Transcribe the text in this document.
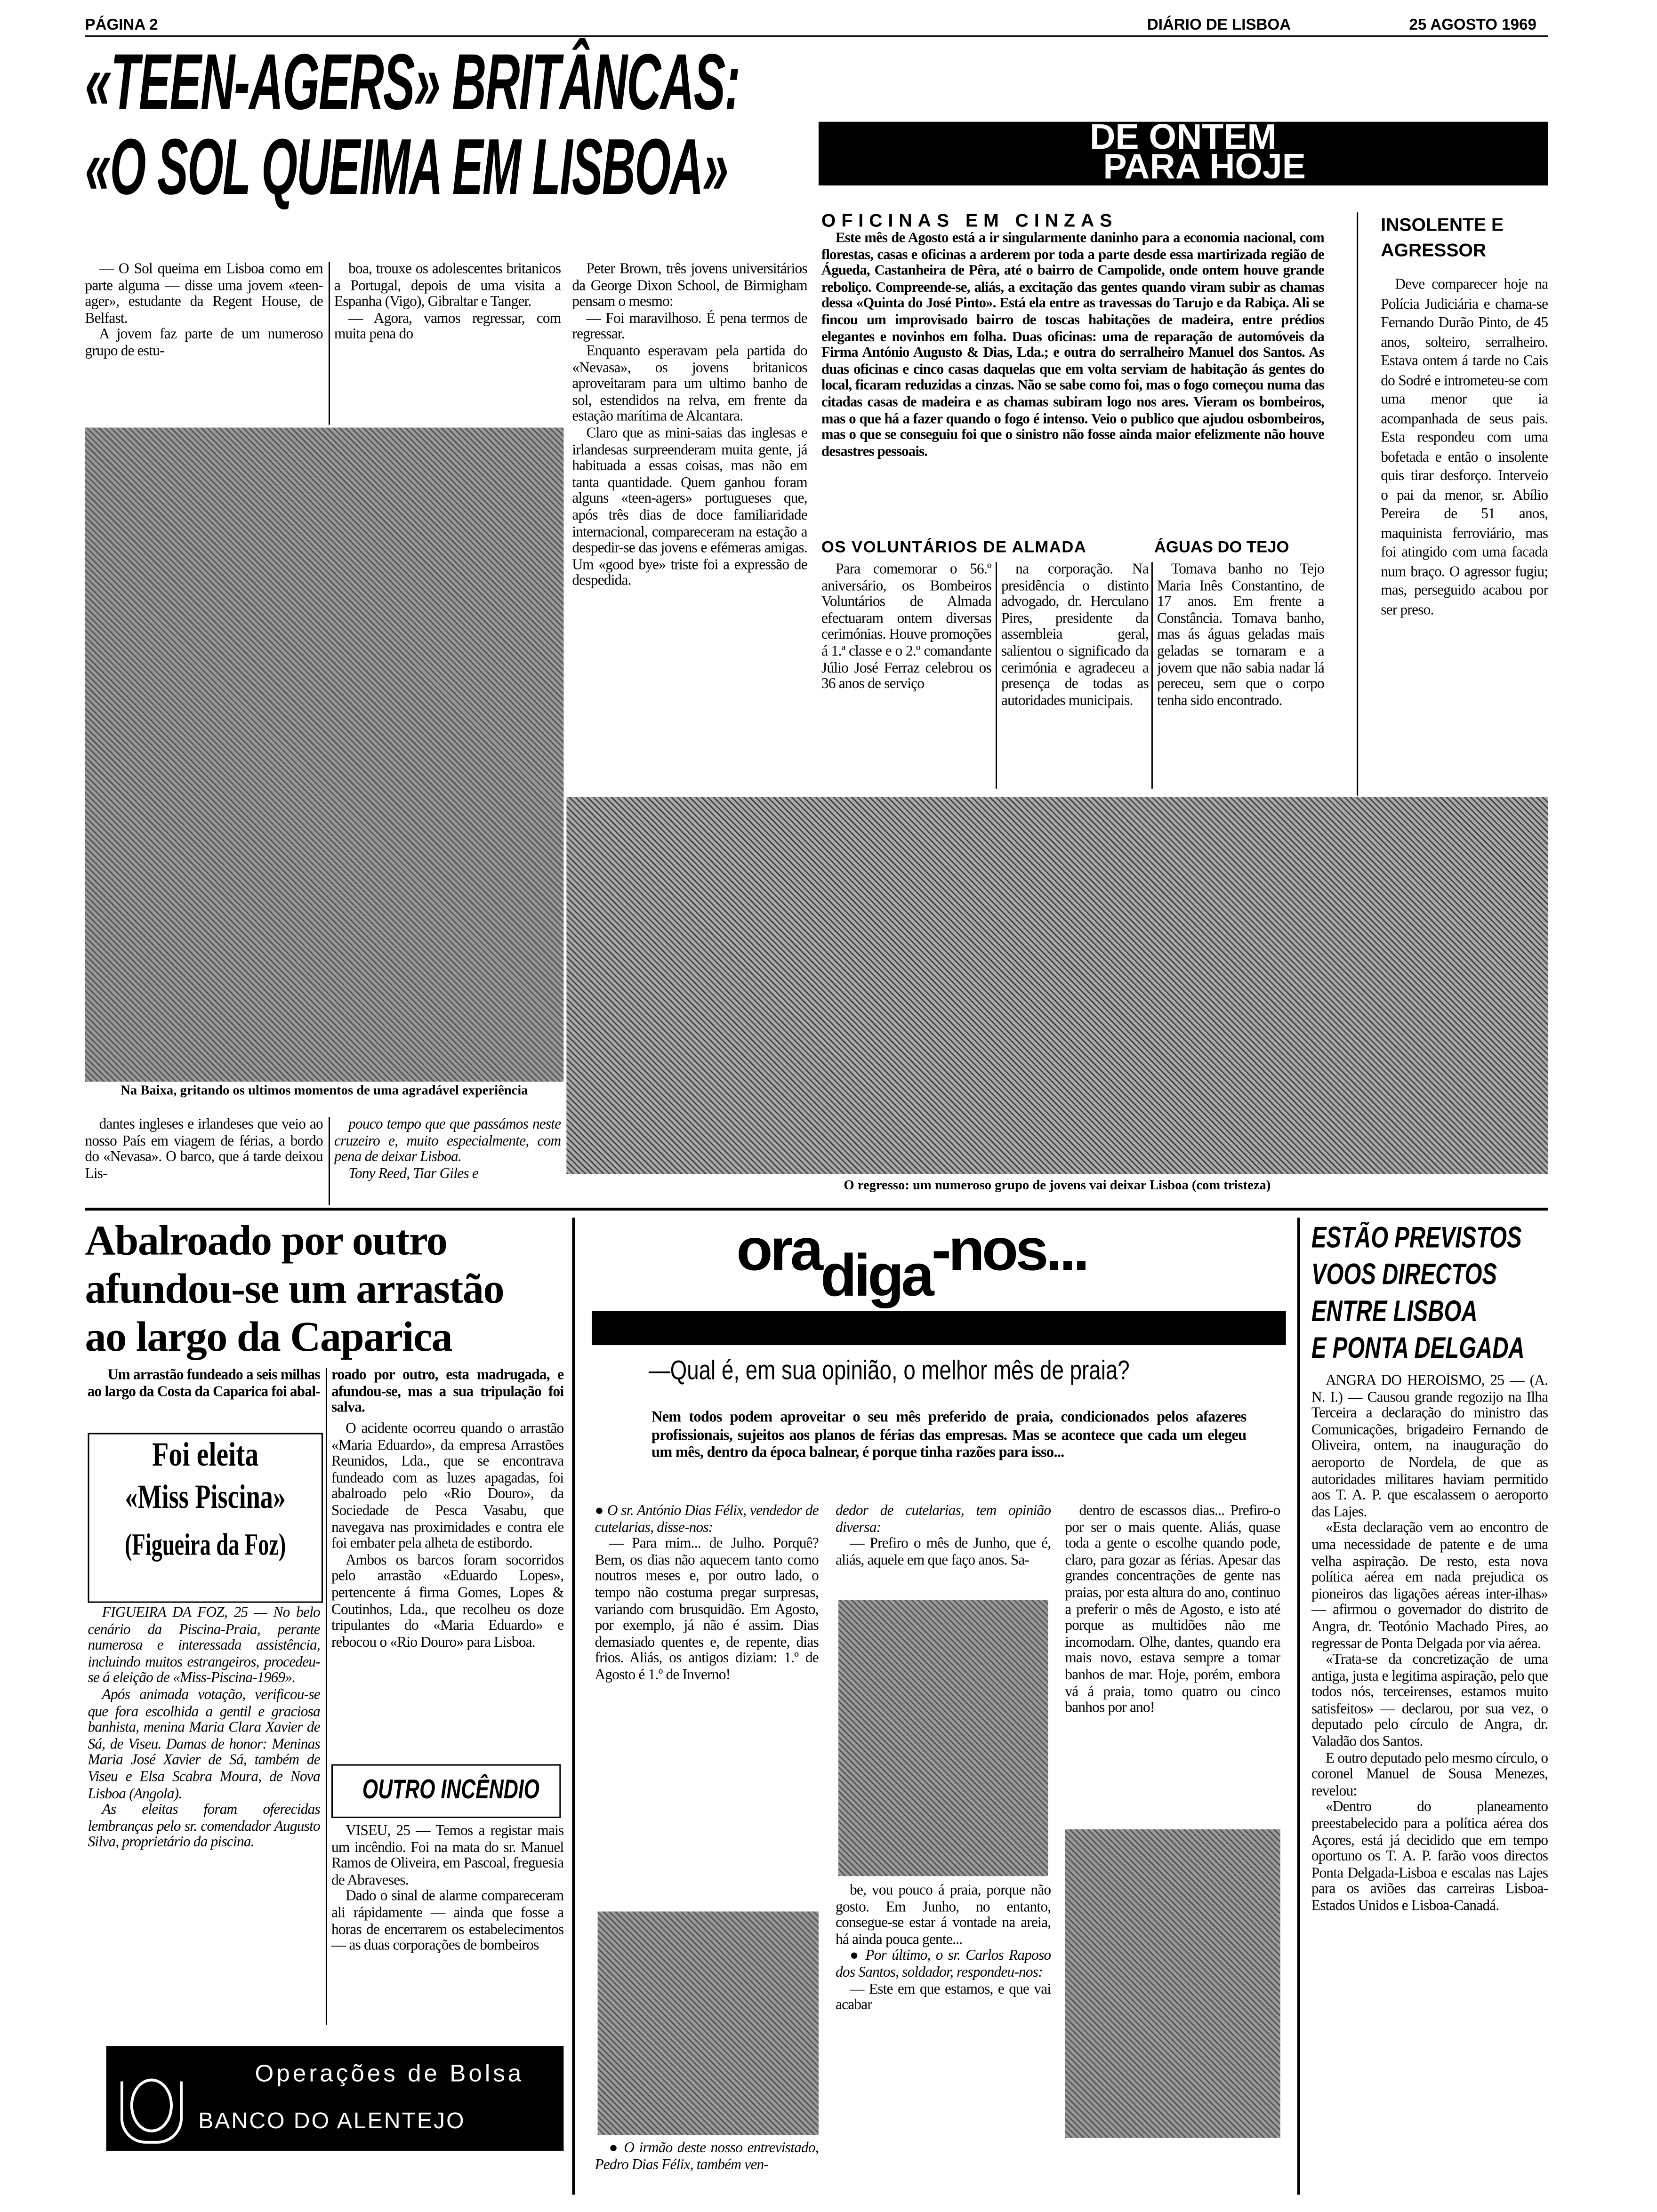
PÁGINA 2	DIÁRIO DE LISBOA	25 AGOSTO 1969
«TEEN-AGERS» BRITÂNCAS:
«O SOL QUEIMA EM LISBOA»	DE ONTEM
PARA HOJE

— O Sol queima em Lisboa como em parte alguma — disse uma jovem «teen-ager», estudante da Regent House, de Belfast.

A jovem faz parte de um numeroso grupo de estu-

boa, trouxe os adolescentes britanicos a Portugal, depois de uma visita a Espanha (Vigo), Gibraltar e Tanger.

— Agora, vamos regressar, com muita pena do

Peter Brown, três jovens universitários da George Dixon School, de Birmigham pensam o mesmo:

— Foi maravilhoso. É pena termos de regressar.

Enquanto esperavam pela partida do «Nevasa», os jovens britanicos aproveitaram para um ultimo banho de sol, estendidos na relva, em frente da estação marítima de Alcantara.

Claro que as mini-saias das inglesas e irlandesas surpreenderam muita gente, já habituada a essas coisas, mas não em tanta quantidade. Quem ganhou foram alguns «teen-agers» portugueses que, após três dias de doce familiaridade internacional, compareceram na estação a despedir-se das jovens e efémeras amigas. Um «good bye» triste foi a expressão de despedida.

Na Baixa, gritando os ultimos momentos de uma agradável experiência

dantes ingleses e irlandeses que veio ao nosso País em viagem de férias, a bordo do «Nevasa». O barco, que á tarde deixou Lis-

pouco tempo que que passámos neste cruzeiro e, muito especialmente, com pena de deixar Lisboa.

Tony Reed, Tiar Giles e

OFICINAS EM CINZAS

Este mês de Agosto está a ir singularmente daninho para a economia nacional, com florestas, casas e oficinas a arderem por toda a parte desde essa martirizada região de Águeda, Castanheira de Pêra, até o bairro de Campolide, onde ontem houve grande reboliço. Compreende-se, aliás, a excitação das gentes quando viram subir as chamas dessa «Quinta do José Pinto». Está ela entre as travessas do Tarujo e da Rabiça. Ali se fincou um improvisado bairro de toscas habitações de madeira, entre prédios elegantes e novinhos em folha. Duas oficinas: uma de reparação de automóveis da Firma António Augusto & Dias, Lda.; e outra do serralheiro Manuel dos Santos. As duas oficinas e cinco casas daquelas que em volta serviam de habitação ás gentes do local, ficaram reduzidas a cinzas. Não se sabe como foi, mas o fogo começou numa das citadas casas de madeira e as chamas subiram logo nos ares. Vieram os bombeiros, mas o que há a fazer quando o fogo é intenso. Veio o publico que ajudou osbombeiros, mas o que se conseguiu foi que o sinistro não fosse ainda maior efelizmente não houve desastres pessoais.

INSOLENTE E AGRESSOR

Deve comparecer hoje na Polícia Judiciária e chama-se Fernando Durão Pinto, de 45 anos, solteiro, serralheiro. Estava ontem á tarde no Cais do Sodré e intrometeu-se com uma menor que ia acompanhada de seus pais. Esta respondeu com uma bofetada e então o insolente quis tirar desforço. Interveio o pai da menor, sr. Abílio Pereira de 51 anos, maquinista ferroviário, mas foi atingido com uma facada num braço. O agressor fugiu; mas, perseguido acabou por ser preso.

OS VOLUNTÁRIOS DE ALMADA

Para comemorar o 56.º aniversário, os Bombeiros Voluntários de Almada efectuaram ontem diversas cerimónias. Houve promoções á 1.ª classe e o 2.º comandante Júlio José Ferraz celebrou os 36 anos de serviço

na corporação. Na presidência o distinto advogado, dr. Herculano Pires, presidente da assembleia geral, salientou o significado da cerimónia e agradeceu a presença de todas as autoridades municipais.

ÁGUAS DO TEJO

Tomava banho no Tejo Maria Inês Constantino, de 17 anos. Em frente a Constância. Tomava banho, mas ás águas geladas mais geladas se tornaram e a jovem que não sabia nadar lá pereceu, sem que o corpo tenha sido encontrado.

O regresso: um numeroso grupo de jovens vai deixar Lisboa (com tristeza)
Abalroado por outro
afundou-se um arrastão
ao largo da Caparica

Um arrastão fundeado a seis milhas ao largo da Costa da Caparica foi abal-

roado por outro, esta madrugada, e afundou-se, mas a sua tripulação foi salva.

O acidente ocorreu quando o arrastão «Maria Eduardo», da empresa Arrastões Reunidos, Lda., que se encontrava fundeado com as luzes apagadas, foi abalroado pelo «Rio Douro», da Sociedade de Pesca Vasabu, que navegava nas proximidades e contra ele foi embater pela alheta de estibordo.

Ambos os barcos foram socorridos pelo arrastão «Eduardo Lopes», pertencente á firma Gomes, Lopes & Coutinhos, Lda., que recolheu os doze tripulantes do «Maria Eduardo» e rebocou o «Rio Douro» para Lisboa.

Foi eleita
«Miss Piscina»
(Figueira da Foz)

FIGUEIRA DA FOZ, 25 — No belo cenário da Piscina-Praia, perante numerosa e interessada assistência, incluindo muitos estrangeiros, procedeu-se á eleição de «Miss-Piscina-1969».

Após animada votação, verificou-se que fora escolhida a gentil e graciosa banhista, menina Maria Clara Xavier de Sá, de Viseu. Damas de honor: Meninas Maria José Xavier de Sá, também de Viseu e Elsa Scabra Moura, de Nova Lisboa (Angola).

As eleitas foram oferecidas lembranças pelo sr. comendador Augusto Silva, proprietário da piscina.

OUTRO INCÊNDIO

VISEU, 25 — Temos a registar mais um incêndio. Foi na mata do sr. Manuel Ramos de Oliveira, em Pascoal, freguesia de Abraveses.

Dado o sinal de alarme compareceram ali rápidamente — ainda que fosse a horas de encerrarem os estabelecimentos — as duas corporações de bombeiros

Operações de Bolsa
BANCO DO ALENTEJO
oradiga-nos...
—Qual é, em sua opinião, o melhor mês de praia?

Nem todos podem aproveitar o seu mês preferido de praia, condicionados pelos afazeres profissionais, sujeitos aos planos de férias das empresas. Mas se acontece que cada um elegeu um mês, dentro da época balnear, é porque tinha razões para isso...

● O sr. António Dias Félix, vendedor de cutelarias, disse-nos:

— Para mim... de Julho. Porquê? Bem, os dias não aquecem tanto como noutros meses e, por outro lado, o tempo não costuma pregar surpresas, variando com brusquidão. Em Agosto, por exemplo, já não é assim. Dias demasiado quentes e, de repente, dias frios. Aliás, os antigos diziam: 1.º de Agosto é 1.º de Inverno!

● O irmão deste nosso entrevistado, Pedro Dias Félix, também ven-

dedor de cutelarias, tem opinião diversa:

— Prefiro o mês de Junho, que é, aliás, aquele em que faço anos. Sa-

be, vou pouco á praia, porque não gosto. Em Junho, no entanto, consegue-se estar á vontade na areia, há ainda pouca gente...

● Por último, o sr. Carlos Raposo dos Santos, soldador, respondeu-nos:

— Este em que estamos, e que vai acabar

dentro de escassos dias... Prefiro-o por ser o mais quente. Aliás, quase toda a gente o escolhe quando pode, claro, para gozar as férias. Apesar das grandes concentrações de gente nas praias, por esta altura do ano, continuo a preferir o mês de Agosto, e isto até porque as multidões não me incomodam. Olhe, dantes, quando era mais novo, estava sempre a tomar banhos de mar. Hoje, porém, embora vá á praia, tomo quatro ou cinco banhos por ano!

ESTÃO PREVISTOS
VOOS DIRECTOS
ENTRE LISBOA
E PONTA DELGADA

ANGRA DO HEROÍSMO, 25 — (A. N. I.) — Causou grande regozijo na Ilha Terceira a declaração do ministro das Comunicações, brigadeiro Fernando de Oliveira, ontem, na inauguração do aeroporto de Nordela, de que as autoridades militares haviam permitido aos T. A. P. que escalassem o aeroporto das Lajes.

«Esta declaração vem ao encontro de uma necessidade de patente e de uma velha aspiração. De resto, esta nova política aérea em nada prejudica os pioneiros das ligações aéreas inter-ilhas» — afirmou o governador do distrito de Angra, dr. Teotónio Machado Pires, ao regressar de Ponta Delgada por via aérea.

«Trata-se da concretização de uma antiga, justa e legitima aspiração, pelo que todos nós, terceirenses, estamos muito satisfeitos» — declarou, por sua vez, o deputado pelo círculo de Angra, dr. Valadão dos Santos.

E outro deputado pelo mesmo círculo, o coronel Manuel de Sousa Menezes, revelou:

«Dentro do planeamento preestabelecido para a política aérea dos Açores, está já decidido que em tempo oportuno os T. A. P. farão voos directos Ponta Delgada-Lisboa e escalas nas Lajes para os aviões das carreiras Lisboa-Estados Unidos e Lisboa-Canadá.
